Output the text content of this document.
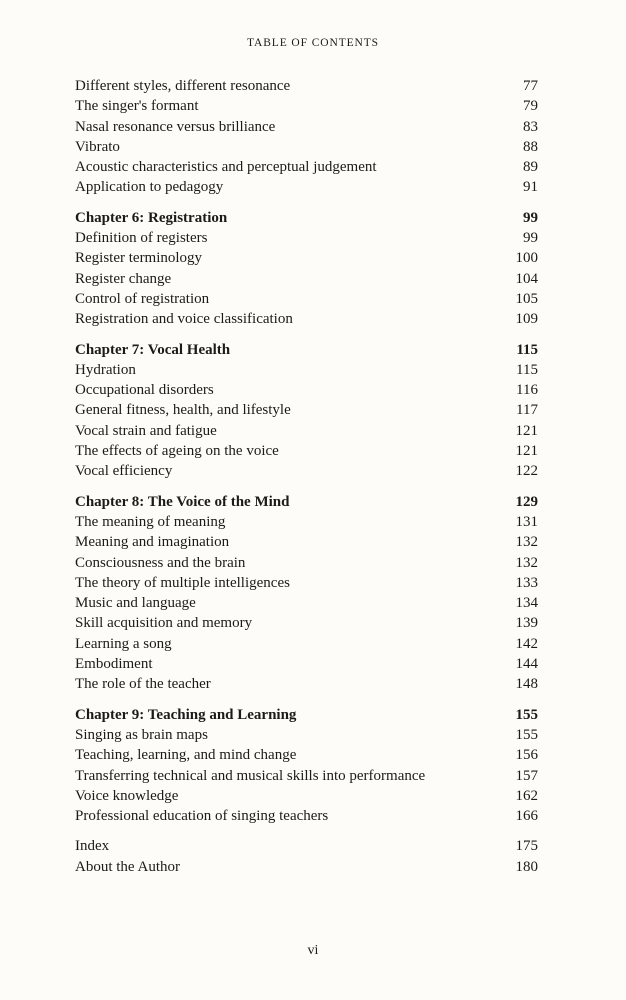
TABLE OF CONTENTS
Different styles, different resonance	77
The singer's formant	79
Nasal resonance versus brilliance	83
Vibrato	88
Acoustic characteristics and perceptual judgement	89
Application to pedagogy	91
Chapter 6: Registration	99
Definition of registers	99
Register terminology	100
Register change	104
Control of registration	105
Registration and voice classification	109
Chapter 7: Vocal Health	115
Hydration	115
Occupational disorders	116
General fitness, health, and lifestyle	117
Vocal strain and fatigue	121
The effects of ageing on the voice	121
Vocal efficiency	122
Chapter 8: The Voice of the Mind	129
The meaning of meaning	131
Meaning and imagination	132
Consciousness and the brain	132
The theory of multiple intelligences	133
Music and language	134
Skill acquisition and memory	139
Learning a song	142
Embodiment	144
The role of the teacher	148
Chapter 9: Teaching and Learning	155
Singing as brain maps	155
Teaching, learning, and mind change	156
Transferring technical and musical skills into performance	157
Voice knowledge	162
Professional education of singing teachers	166
Index	175
About the Author	180
vi
